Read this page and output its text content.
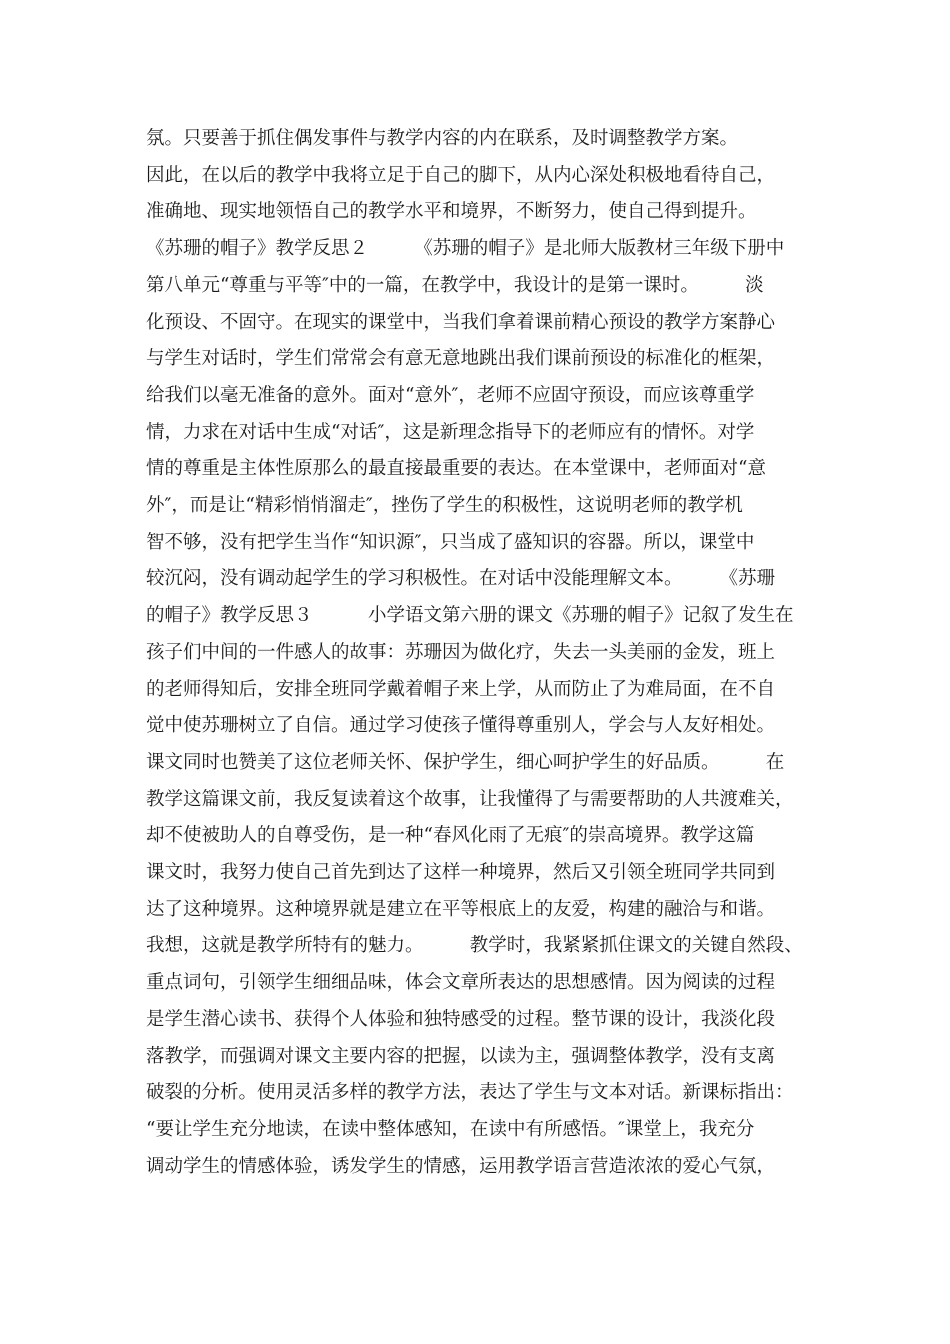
氛。只要善于抓住偶发事件与教学内容的内在联系，及时调整教学方案。
因此，在以后的教学中我将立足于自己的脚下，从内心深处积极地看待自己，
准确地、现实地领悟自己的教学水平和境界，不断努力，使自己得到提升。
《苏珊的帽子》教学反思２　　　《苏珊的帽子》是北师大版教材三年级下册中
第八单元“尊重与平等″中的一篇，在教学中，我设计的是第一课时。　　　淡
化预设、不固守。在现实的课堂中，当我们拿着课前精心预设的教学方案静心
与学生对话时，学生们常常会有意无意地跳出我们课前预设的标准化的框架，
给我们以毫无准备的意外。面对“意外″，老师不应固守预设，而应该尊重学
情，力求在对话中生成“对话″，这是新理念指导下的老师应有的情怀。对学
情的尊重是主体性原那么的最直接最重要的表达。在本堂课中，老师面对“意
外″，而是让“精彩悄悄溜走″，挫伤了学生的积极性，这说明老师的教学机
智不够，没有把学生当作“知识源″，只当成了盛知识的容器。所以，课堂中
较沉闷，没有调动起学生的学习积极性。在对话中没能理解文本。　　　《苏珊
的帽子》教学反思３　　　小学语文第六册的课文《苏珊的帽子》记叙了发生在
孩子们中间的一件感人的故事：苏珊因为做化疗，失去一头美丽的金发，班上
的老师得知后，安排全班同学戴着帽子来上学，从而防止了为难局面，在不自
觉中使苏珊树立了自信。通过学习使孩子懂得尊重别人，学会与人友好相处。
课文同时也赞美了这位老师关怀、保护学生，细心呵护学生的好品质。　　　在
教学这篇课文前，我反复读着这个故事，让我懂得了与需要帮助的人共渡难关，
却不使被助人的自尊受伤，是一种“春风化雨了无痕″的崇高境界。教学这篇
课文时，我努力使自己首先到达了这样一种境界，然后又引领全班同学共同到
达了这种境界。这种境界就是建立在平等根底上的友爱，构建的融洽与和谐。
我想，这就是教学所特有的魅力。　　　教学时，我紧紧抓住课文的关键自然段、
重点词句，引领学生细细品味，体会文章所表达的思想感情。因为阅读的过程
是学生潜心读书、获得个人体验和独特感受的过程。整节课的设计，我淡化段
落教学，而强调对课文主要内容的把握，以读为主，强调整体教学，没有支离
破裂的分析。使用灵活多样的教学方法，表达了学生与文本对话。新课标指出：
“要让学生充分地读，在读中整体感知，在读中有所感悟。″课堂上，我充分
调动学生的情感体验，诱发学生的情感，运用教学语言营造浓浓的爱心气氛，
